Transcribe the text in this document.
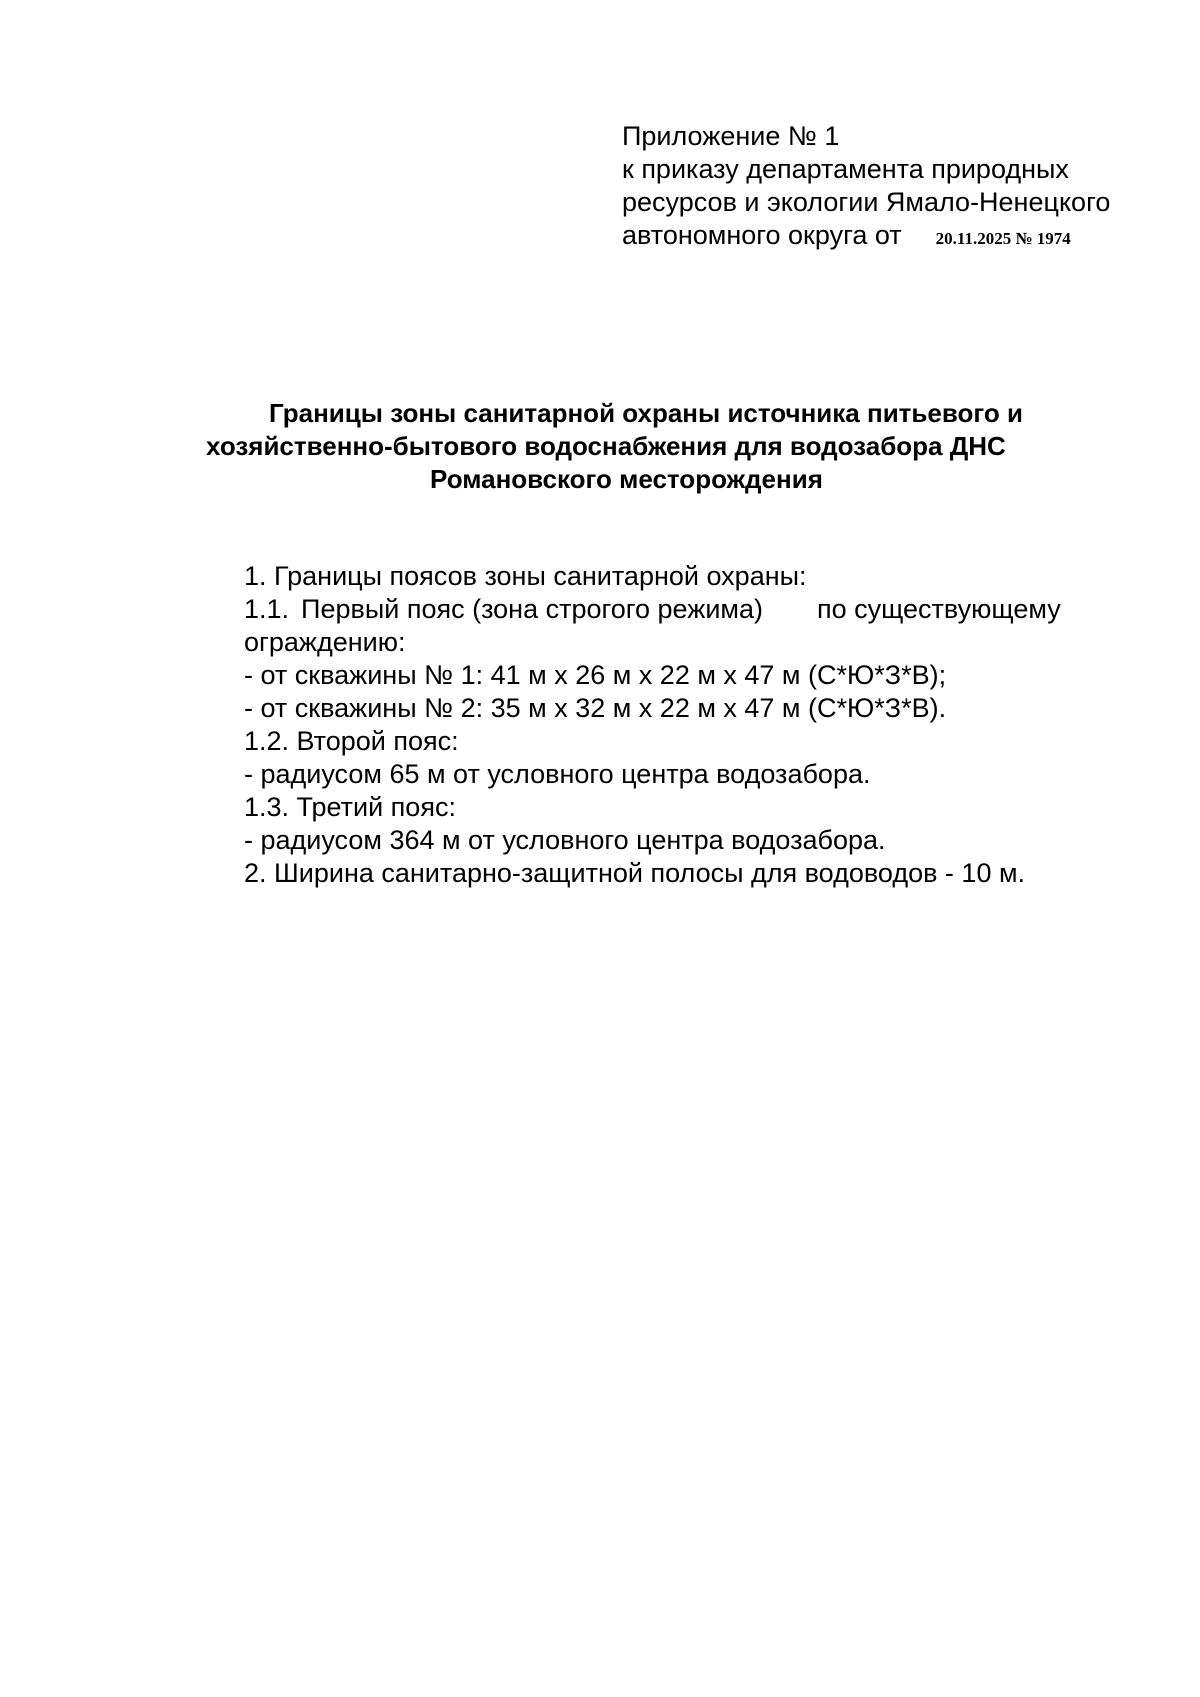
Приложение № 1
к приказу департамента природных
ресурсов и экологии Ямало-Ненецкого
автономного округа от 20.11.2025 № 1974
Границы зоны санитарной охраны источника питьевого и
хозяйственно-бытового водоснабжения для водозабора ДНС
Романовского месторождения
1. Границы поясов зоны санитарной охраны:
1.1. Первый пояс (зона строгого режима) по существующему
ограждению:
- от скважины № 1: 41 м х 26 м х 22 м х 47 м (С*Ю*З*В);
- от скважины № 2: 35 м х 32 м х 22 м х 47 м (С*Ю*З*В).
1.2. Второй пояс:
- радиусом 65 м от условного центра водозабора.
1.3. Третий пояс:
- радиусом 364 м от условного центра водозабора.
2. Ширина санитарно-защитной полосы для водоводов - 10 м.
